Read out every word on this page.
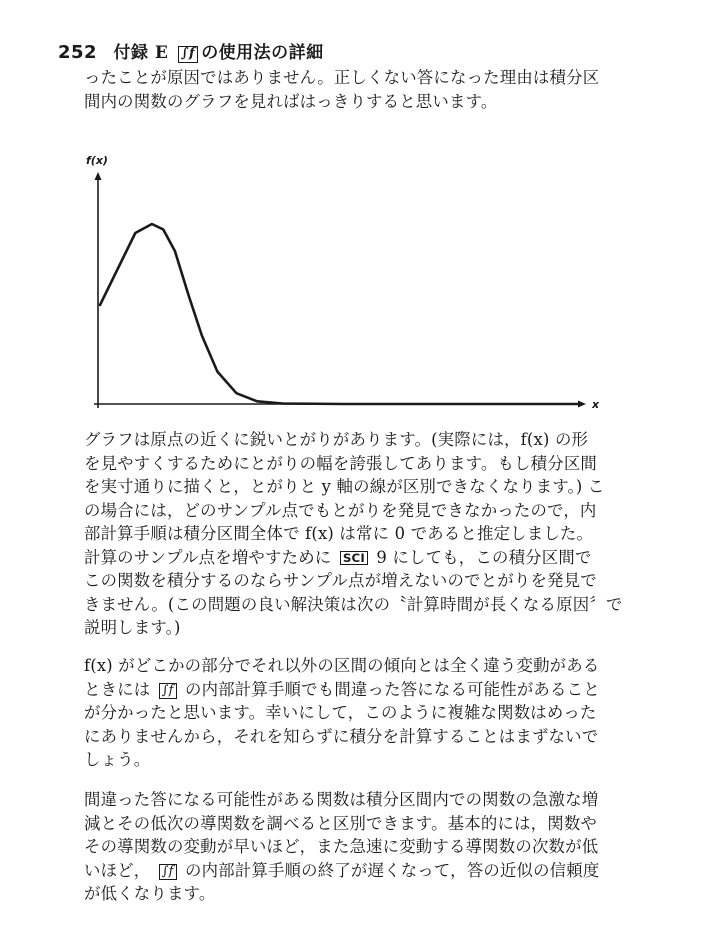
252 付録 E ∫f の使用法の詳細
ったことが原因ではありません。正しくない答になった理由は積分区
間内の関数のグラフを見ればはっきりすると思います。
f(x)
x
グラフは原点の近くに鋭いとがりがあります。(実際には，f(x) の形
を見やすくするためにとがりの幅を誇張してあります。もし積分区間
を実寸通りに描くと，とがりと y 軸の線が区別できなくなります。) こ
の場合には，どのサンプル点でもとがりを発見できなかったので，内
部計算手順は積分区間全体で f(x) は常に 0 であると推定しました。
計算のサンプル点を増やすために SCI 9 にしても，この積分区間で
この関数を積分するのならサンプル点が増えないのでとがりを発見で
きません。(この問題の良い解決策は次の〝計算時間が長くなる原因〞で
説明します。)
f(x) がどこかの部分でそれ以外の区間の傾向とは全く違う変動がある
ときには ∫f の内部計算手順でも間違った答になる可能性があること
が分かったと思います。幸いにして，このように複雑な関数はめった
にありませんから，それを知らずに積分を計算することはまずないで
しょう。
間違った答になる可能性がある関数は積分区間内での関数の急激な増
減とその低次の導関数を調べると区別できます。基本的には，関数や
その導関数の変動が早いほど，また急速に変動する導関数の次数が低
いほど， ∫f の内部計算手順の終了が遅くなって，答の近似の信頼度
が低くなります。
